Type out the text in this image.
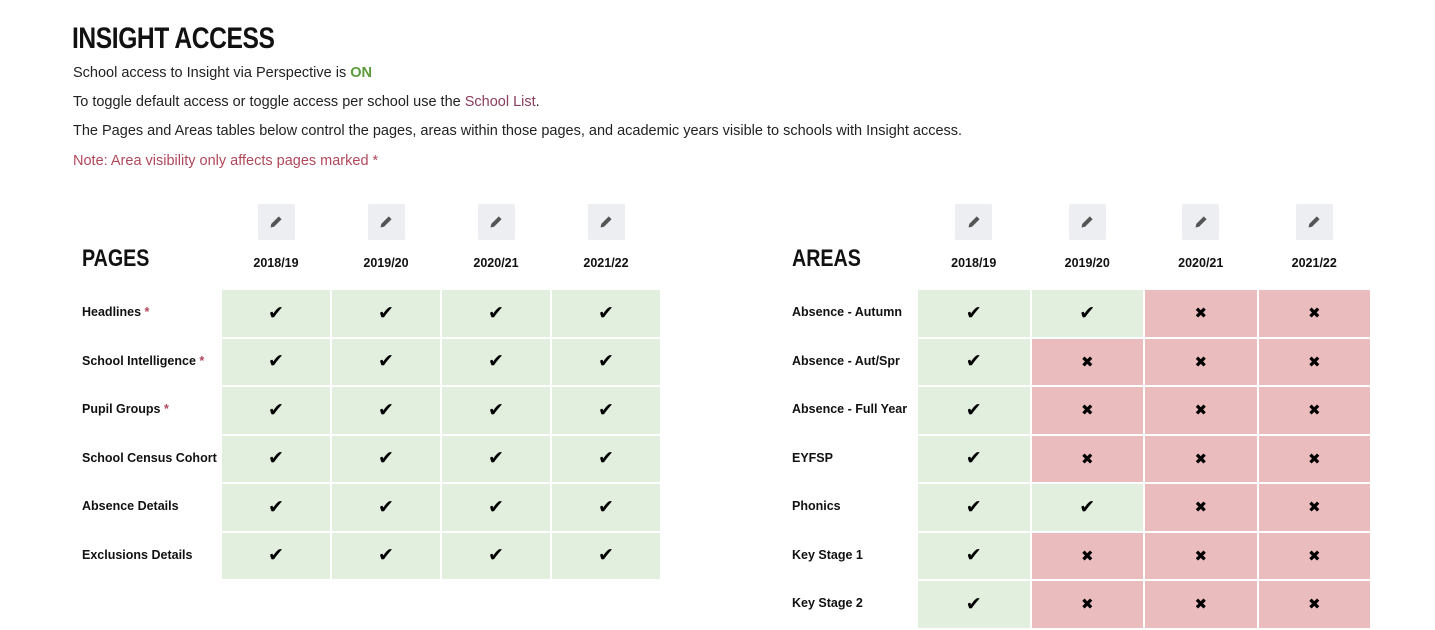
INSIGHT ACCESS
School access to Insight via Perspective is ON
To toggle default access or toggle access per school use the School List.
The Pages and Areas tables below control the pages, areas within those pages, and academic years visible to schools with Insight access.
Note: Area visibility only affects pages marked *
PAGES	2018/19	2019/20	2020/21	2021/22
Headlines *	✔	✔	✔	✔
School Intelligence *	✔	✔	✔	✔
Pupil Groups *	✔	✔	✔	✔
School Census Cohort	✔	✔	✔	✔
Absence Details	✔	✔	✔	✔
Exclusions Details	✔	✔	✔	✔
AREAS	2018/19	2019/20	2020/21	2021/22
Absence - Autumn	✔	✔	✖	✖
Absence - Aut/Spr	✔	✖	✖	✖
Absence - Full Year	✔	✖	✖	✖
EYFSP	✔	✖	✖	✖
Phonics	✔	✔	✖	✖
Key Stage 1	✔	✖	✖	✖
Key Stage 2	✔	✖	✖	✖
